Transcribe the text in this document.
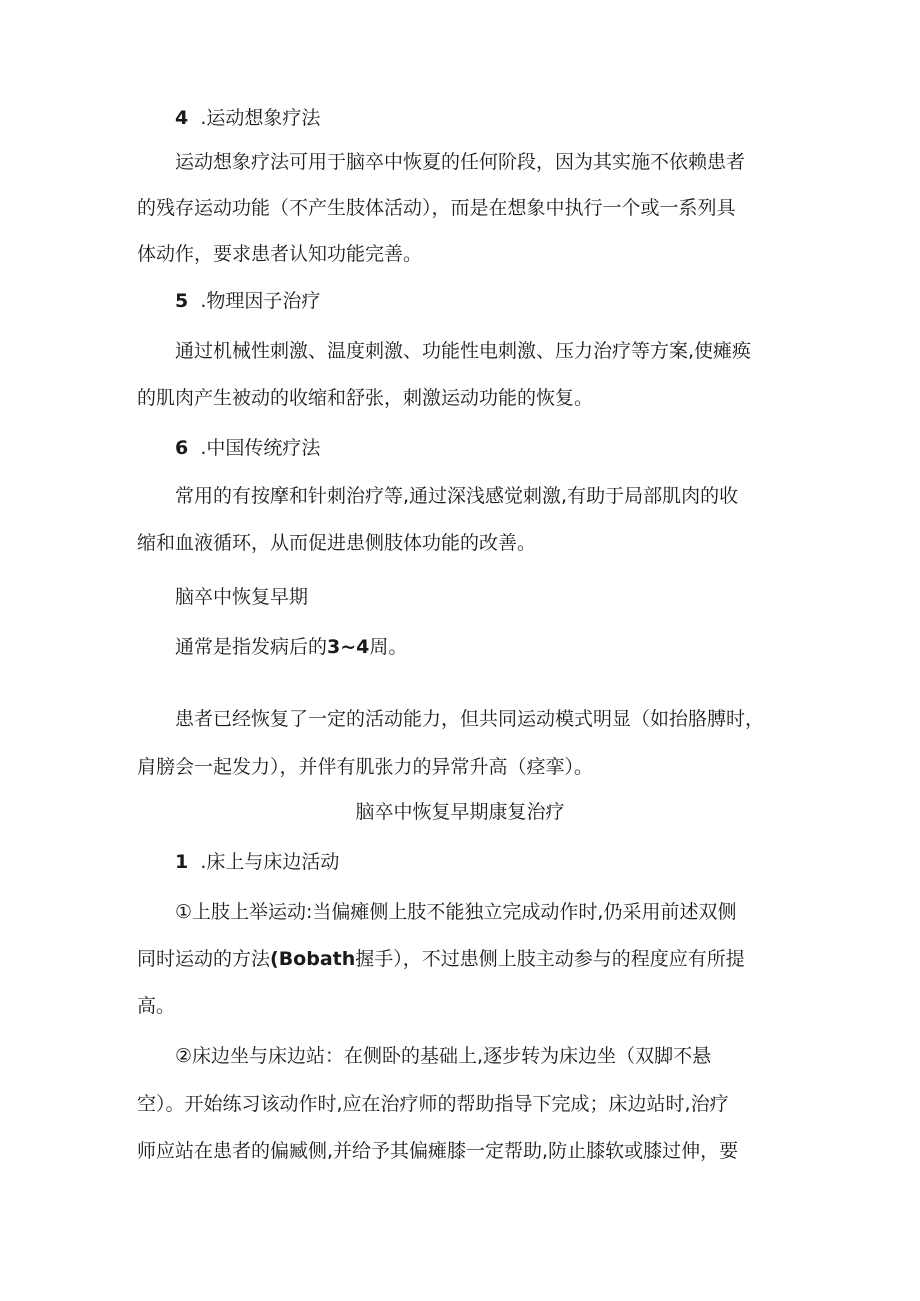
4 .运动想象疗法

运动想象疗法可用于脑卒中恢夏的任何阶段，因为其实施不依赖患者

的残存运动功能（不产生肢体活动），而是在想象中执行一个或一系列具

体动作，要求患者认知功能完善。

5 .物理因子治疗

通过机械性刺激、温度刺激、功能性电刺激、压力治疗等方案,使瘫痪

的肌肉产生被动的收缩和舒张，刺激运动功能的恢复。

6 .中国传统疗法

常用的有按摩和针刺治疗等,通过深浅感觉刺激,有助于局部肌肉的收

缩和血液循环，从而促进患侧肢体功能的改善。

脑卒中恢复早期

通常是指发病后的3~4周。

患者已经恢复了一定的活动能力，但共同运动模式明显（如抬胳膊时，

肩膀会一起发力），并伴有肌张力的异常升高（痉挛）。

脑卒中恢复早期康复治疗

1 .床上与床边活动

①上肢上举运动:当偏瘫侧上肢不能独立完成动作时,仍采用前述双侧

同时运动的方法(Bobath握手），不过患侧上肢主动参与的程度应有所提

高。

②床边坐与床边站：在侧卧的基础上,逐步转为床边坐（双脚不悬

空）。开始练习该动作时,应在治疗师的帮助指导下完成；床边站时,治疗

师应站在患者的偏臧侧,并给予其偏瘫膝一定帮助,防止膝软或膝过伸，要
